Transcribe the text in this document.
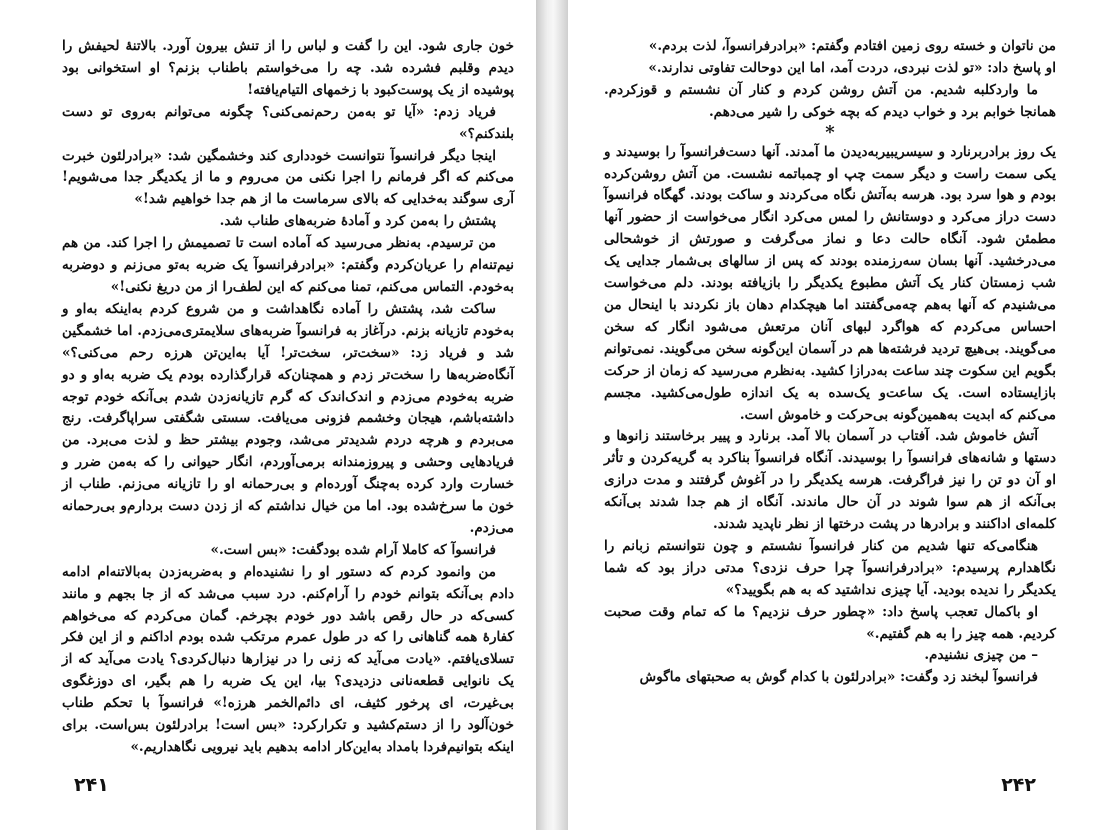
خون جاری شود. این را گفت و لباس را از تنش بیرون آورد. بالاتنهٔ لحیفش را دیدم وقلبم فشرده شد. چه را می‌خواستم باطناب بزنم؟ او استخوانی بود پوشیده از یک پوست‌کبود با زخمهای التیام‌یافته!

فریاد زدم: «آیا تو به‌من رحم‌نمی‌کنی؟ چگونه می‌توانم به‌روی تو دست بلندکنم؟»

اینجا دیگر فرانسوآ نتوانست خودداری کند وخشمگین شد: «برادرلئون خبرت می‌کنم که اگر فرمانم را اجرا نکنی من می‌روم و ما از یکدیگر جدا می‌شویم! آری سوگند به‌خدایی که بالای سرماست ما از هم جدا خواهیم شد!»

پشتش را به‌من کرد و آمادهٔ ضربه‌های طناب شد.

من ترسیدم. به‌نظر می‌رسید که آماده است تا تصمیمش را اجرا کند. من هم نیم‌تنه‌ام را عریان‌کردم وگفتم: «برادرفرانسوآ یک ضربه به‌تو می‌زنم و دوضربه به‌خودم. التماس می‌کنم، تمنا می‌کنم که این لطف‌را از من دریغ نکنی!»

ساکت شد، پشتش را آماده نگاهداشت و من شروع کردم به‌اینکه به‌او و به‌خودم تازیانه بزنم. درآغاز به فرانسوآ ضربه‌های سلایمتری‌می‌زدم. اما خشمگین شد و فریاد زد: «سخت‌تر، سخت‌تر! آیا به‌این‌تن هرزه رحم می‌کنی؟» آنگاه‌ضربه‌ها را سخت‌تر زدم و همچنان‌که قرارگذارده بودم یک ضربه به‌او و دو ضربه به‌خودم می‌زدم و اندک‌اندک که گرم تازیانه‌زدن شدم بی‌آنکه خودم توجه داشته‌باشم، هیجان وخشمم فزونی می‌یافت. سستی شگفتی سراپا‌گرفت. رنج می‌بردم و هرچه دردم شدیدتر می‌شد، وجودم بیشتر حظ و لذت می‌برد. من فریادهایی وحشی و پیروزمندانه برمی‌آوردم، انگار حیوانی را که به‌من ضرر و خسارت وارد کرده به‌چنگ آورده‌ام و بی‌رحمانه او را تازیانه می‌زنم. طناب از خون ما سرخ‌شده بود. اما من خیال نداشتم که از زدن دست بردارم‌و بی‌رحمانه می‌زدم.

فرانسوآ که کاملا آرام شده بودگفت: «بس است.»

من وانمود کردم که دستور او را نشنیده‌ام و به‌ضربه‌زدن به‌بالاتنه‌ام ادامه دادم بی‌آنکه بتوانم خودم را آرام‌کنم. درد سبب می‌شد که از جا بجهم و مانند کسی‌که در حال رقص باشد دور خودم بچرخم. گمان می‌کردم که می‌خواهم کفارهٔ همه گناهانی را که در طول عمرم مرتکب شده بودم اداکنم و از این فکر تسلای‌یافتم. «یادت می‌آید که زنی را در نیزارها دنبال‌کردی؟ یادت می‌آید که از یک نانوایی قطعه‌نانی دزدیدی؟ بیا، این یک ضربه را هم بگیر، ای دوزغگوی بی‌غیرت، ای پرخور کثیف، ای دائم‌الخمر هرزه!» فرانسوآ با تحکم طناب خون‌آلود را از دستم‌کشید و تکرارکرد: «بس است! برادرلئون بس‌است. برای اینکه بتوانیم‌فردا بامداد به‌این‌کار ادامه بدهیم باید نیرویی نگاهداریم.»

۲۴۱

من ناتوان و خسته روی زمین افتادم وگفتم: «برادرفرانسوآ، لذت بردم.»

او پاسخ داد: «تو لذت نبردی، دردت آمد، اما این دوحالت تفاوتی ندارند.»

ما واردکلبه شدیم. من آتش روشن کردم و کنار آن نشستم و قوزکردم. همانجا خوابم برد و خواب دیدم که بچه خوکی را شیر می‌دهم.

*

یک روز برادربرنارد و سیسریبیربه‌دیدن ما آمدند. آنها دست‌فرانسوآ را بوسیدند و یکی سمت راست و دیگر سمت چپ او چمباتمه نشست. من آتش روشن‌کرده بودم و هوا سرد بود. هرسه به‌آتش نگاه می‌کردند و ساکت بودند. گهگاه فرانسوآ دست دراز می‌کرد و دوستانش را لمس می‌کرد انگار می‌خواست از حضور آنها مطمئن شود. آنگاه حالت دعا و نماز می‌گرفت و صورتش از خوشحالی می‌درخشید. آنها بسان سه‌رزمنده بودند که پس از سالهای بی‌شمار جدایی یک شب زمستان کنار یک آتش مطبوع یکدیگر را بازیافته بودند. دلم می‌خواست می‌شنیدم که آنها به‌هم چه‌می‌گفتند اما هیچکدام دهان باز نکردند با اینحال من احساس می‌کردم که هواگرد لبهای آنان مرتعش می‌شود انگار که سخن می‌گویند. بی‌هیچ تردید فرشته‌ها هم در آسمان این‌گونه سخن می‌گویند. نمی‌توانم بگویم این سکوت چند ساعت به‌درازا کشید. به‌نظرم می‌رسید که زمان از حرکت بازایستاده است. یک ساعت‌و یک‌سده به یک اندازه طول‌می‌کشید. مجسم می‌کنم که ابدیت به‌همین‌گونه بی‌حرکت و خاموش است.

آتش خاموش شد. آفتاب در آسمان بالا آمد. برنارد و پییر برخاستند زانوها و دستها و شانه‌های فرانسوآ را بوسیدند. آنگاه فرانسوآ بناکرد به گریه‌کردن و تأثر او آن دو تن را نیز فراگرفت. هرسه یکدیگر را در آغوش گرفتند و مدت درازی بی‌آنکه از هم سوا شوند در آن حال ماندند. آنگاه از هم جدا شدند بی‌آنکه کلمه‌ای اداکنند و برادرها در پشت درختها از نظر ناپدید شدند.

هنگامی‌که تنها شدیم من کنار فرانسوآ نشستم و چون نتوانستم زبانم را نگاهدارم پرسیدم: «برادرفرانسوآ چرا حرف نزدی؟ مدتی دراز بود که شما یکدیگر را ندیده بودید. آیا چیزی نداشتید که به هم بگویید؟»

او باکمال تعجب پاسخ داد: «چطور حرف نزدیم؟ ما که تمام وقت صحبت کردیم. همه چیز را به هم گفتیم.»

– من چیزی نشنیدم.

فرانسوآ لبخند زد وگفت: «برادرلئون با کدام گوش به صحبتهای ماگوش

۲۴۲
